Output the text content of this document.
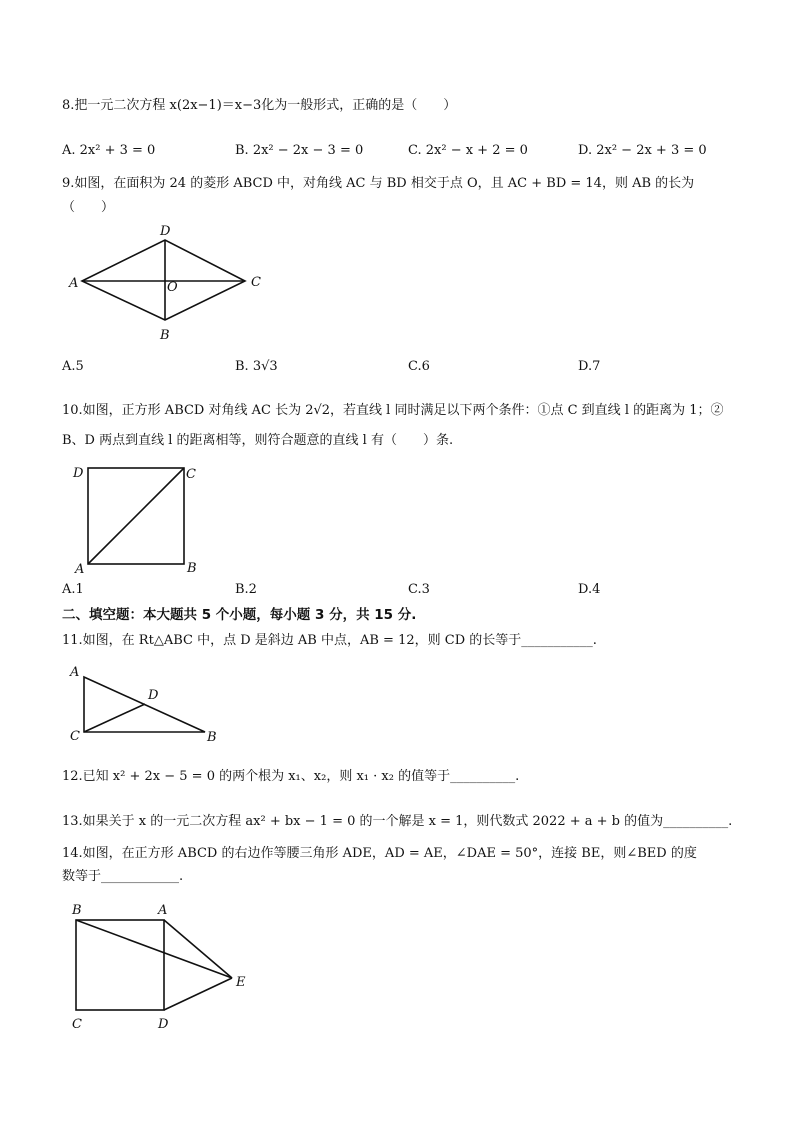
8.把一元二次方程 x(2x−1)＝x−3化为一般形式，正确的是（　　）
A. 2x² + 3 = 0	B. 2x² − 2x − 3 = 0	C. 2x² − x + 2 = 0	D. 2x² − 2x + 3 = 0
9.如图，在面积为 24 的菱形 ABCD 中，对角线 AC 与 BD 相交于点 O，且 AC + BD = 14，则 AB 的长为
（　　）
A
D
C
B
O
A.5	B. 3√3	C.6	D.7
10.如图，正方形 ABCD 对角线 AC 长为 2√2，若直线 l 同时满足以下两个条件：①点 C 到直线 l 的距离为 1；②
B、D 两点到直线 l 的距离相等，则符合题意的直线 l 有（　　）条.
D	C
A	B
A.1	B.2	C.3	D.4
二、填空题：本大题共 5 个小题，每小题 3 分，共 15 分.
11.如图，在 Rt△ABC 中，点 D 是斜边 AB 中点，AB = 12，则 CD 的长等于___________.
A
D
C	B
12.已知 x² + 2x − 5 = 0 的两个根为 x₁、x₂，则 x₁ · x₂ 的值等于__________.
13.如果关于 x 的一元二次方程 ax² + bx − 1 = 0 的一个解是 x = 1，则代数式 2022 + a + b 的值为__________.
14.如图，在正方形 ABCD 的右边作等腰三角形 ADE，AD = AE，∠DAE = 50°，连接 BE，则∠BED 的度
数等于____________.
B	A
E
C	D
